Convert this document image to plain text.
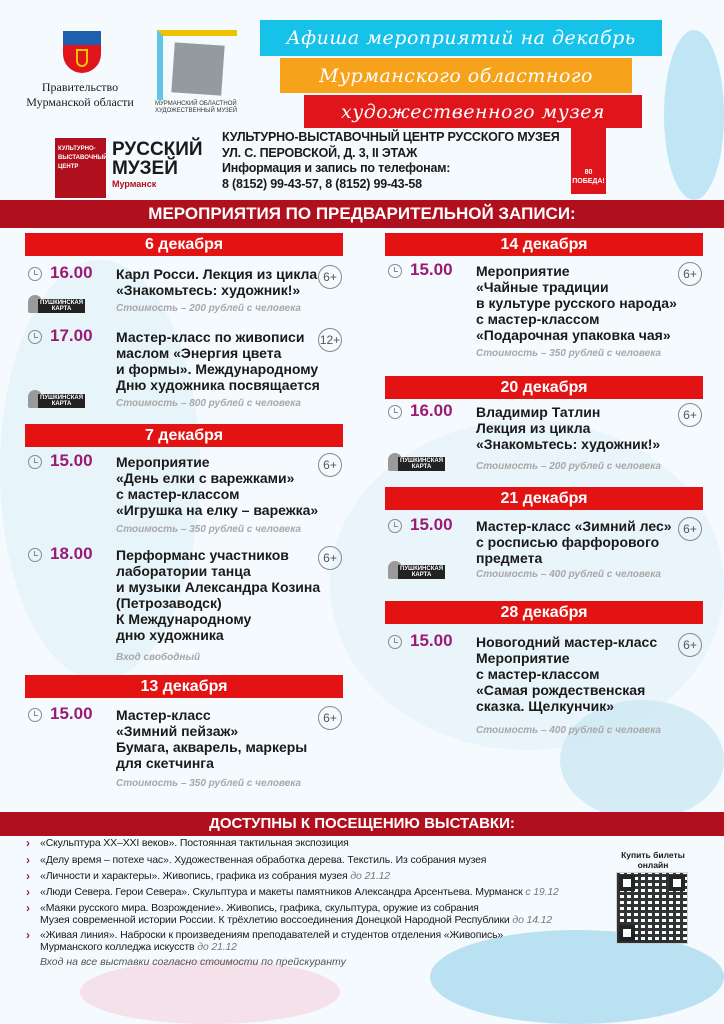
Правительство
Мурманской области	МУРМАНСКИЙ ОБЛАСТНОЙ
ХУДОЖЕСТВЕННЫЙ МУЗЕЙ
Афиша мероприятий на декабрь
Мурманского областного
художественного музея
КУЛЬТУРНО-
ВЫСТАВОЧНЫЙ
ЦЕНТР
РУССКИЙ
МУЗЕЙ
Мурманск
КУЛЬТУРНО-ВЫСТАВОЧНЫЙ ЦЕНТР РУССКОГО МУЗЕЯ
УЛ. С. ПЕРОВСКОЙ, Д. 3, II ЭТАЖ
Информация и запись по телефонам:
8 (8152) 99-43-57, 8 (8152) 99-43-58
80 ПОБЕДА!
МЕРОПРИЯТИЯ ПО ПРЕДВАРИТЕЛЬНОЙ ЗАПИСИ:
6 декабря
16.00 Карл Росси. Лекция из цикла
«Знакомьтесь: художник!»
Стоимость – 200 рублей с человека
6+
ПУШКИНСКАЯ
КАРТА
17.00 Мастер-класс по живописи
маслом «Энергия цвета
и формы». Международному
Дню художника посвящается
Стоимость – 800 рублей с человека
12+
ПУШКИНСКАЯ
КАРТА
7 декабря
15.00 Мероприятие
«День елки с варежками»
с мастер-классом
«Игрушка на елку – варежка»
Стоимость – 350 рублей с человека
6+
18.00 Перформанс участников
лаборатории танца
и музыки Александра Козина
(Петрозаводск)
К Международному
дню художника
Вход свободный
6+
13 декабря
15.00 Мастер-класс
«Зимний пейзаж»
Бумага, акварель, маркеры
для скетчинга
Стоимость – 350 рублей с человека
6+
14 декабря
15.00 Мероприятие
«Чайные традиции
в культуре русского народа»
с мастер-классом
«Подарочная упаковка чая»
Стоимость – 350 рублей с человека
6+
20 декабря
16.00 Владимир Татлин
Лекция из цикла
«Знакомьтесь: художник!»
Стоимость – 200 рублей с человека
6+
ПУШКИНСКАЯ
КАРТА
21 декабря
15.00 Мастер-класс «Зимний лес»
с росписью фарфорового
предмета
Стоимость – 400 рублей с человека
6+
ПУШКИНСКАЯ
КАРТА
28 декабря
15.00 Новогодний мастер-класс
Мероприятие
с мастер-классом
«Самая рождественская
сказка. Щелкунчик»
Стоимость – 400 рублей с человека
6+
ДОСТУПНЫ К ПОСЕЩЕНИЮ ВЫСТАВКИ:
› «Скульптура XX–XXI веков». Постоянная тактильная экспозиция
› «Делу время – потехе час». Художественная обработка дерева. Текстиль. Из собрания музея
› «Личности и характеры». Живопись, графика из собрания музея до 21.12
› «Люди Севера. Герои Севера». Скульптура и макеты памятников Александра Арсентьева. Мурманск с 19.12
› «Маяки русского мира. Возрождение». Живопись, графика, скульптура, оружие из собрания
Музея современной истории России. К трёхлетию воссоединения Донецкой Народной Республики до 14.12
› «Живая линия». Наброски к произведениям преподавателей и студентов отделения «Живопись»
Мурманского колледжа искусств до 21.12
Вход на все выставки согласно стоимости по прейскуранту
Купить билеты
онлайн
